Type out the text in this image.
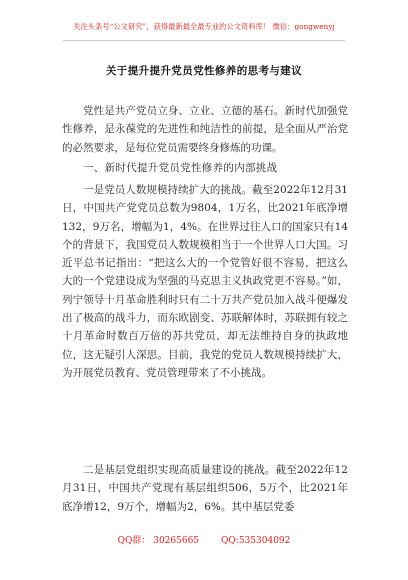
关注头条号“公文研究”，获得最新最全最专业的公文资料库！ 微信：gongwenyj
关于提升提升党员党性修养的思考与建议

党性是共产党员立身、立业、立德的基石。新时代加强党性修养，是永葆党的先进性和纯洁性的前提，是全面从严治党的必然要求，是每位党员需要终身修炼的功课。

一、新时代提升党员党性修养的内部挑战

一是党员人数规模持续扩大的挑战。截至2022年12月31日，中国共产党党员总数为9804，1万名，比2021年底净增132，9万名，增幅为1，4%。在世界过往人口的国家只有14个的背景下，我国党员人数规模相当于一个世界人口大国。习近平总书记指出：“把这么大的一个党管好很不容易，把这么大的一个党建设成为坚强的马克思主义执政党更不容易。”如，列宁领导十月革命胜利时只有二十万共产党员加入战斗便爆发出了极高的战斗力，而东欧剧变、苏联解体时，苏联拥有较之十月革命时数百万倍的苏共党员，却无法维持自身的执政地位，这无疑引人深思。目前，我党的党员人数规模持续扩大，为开展党员教育、党员管理带来了不小挑战。

二是基层党组织实现高质量建设的挑战。截至2022年12月31日，中国共产党现有基层组织506，5万个，比2021年底净增12，9万个，增幅为2，6%。其中基层党委

QQ群： 30265665 QQ:535304092
